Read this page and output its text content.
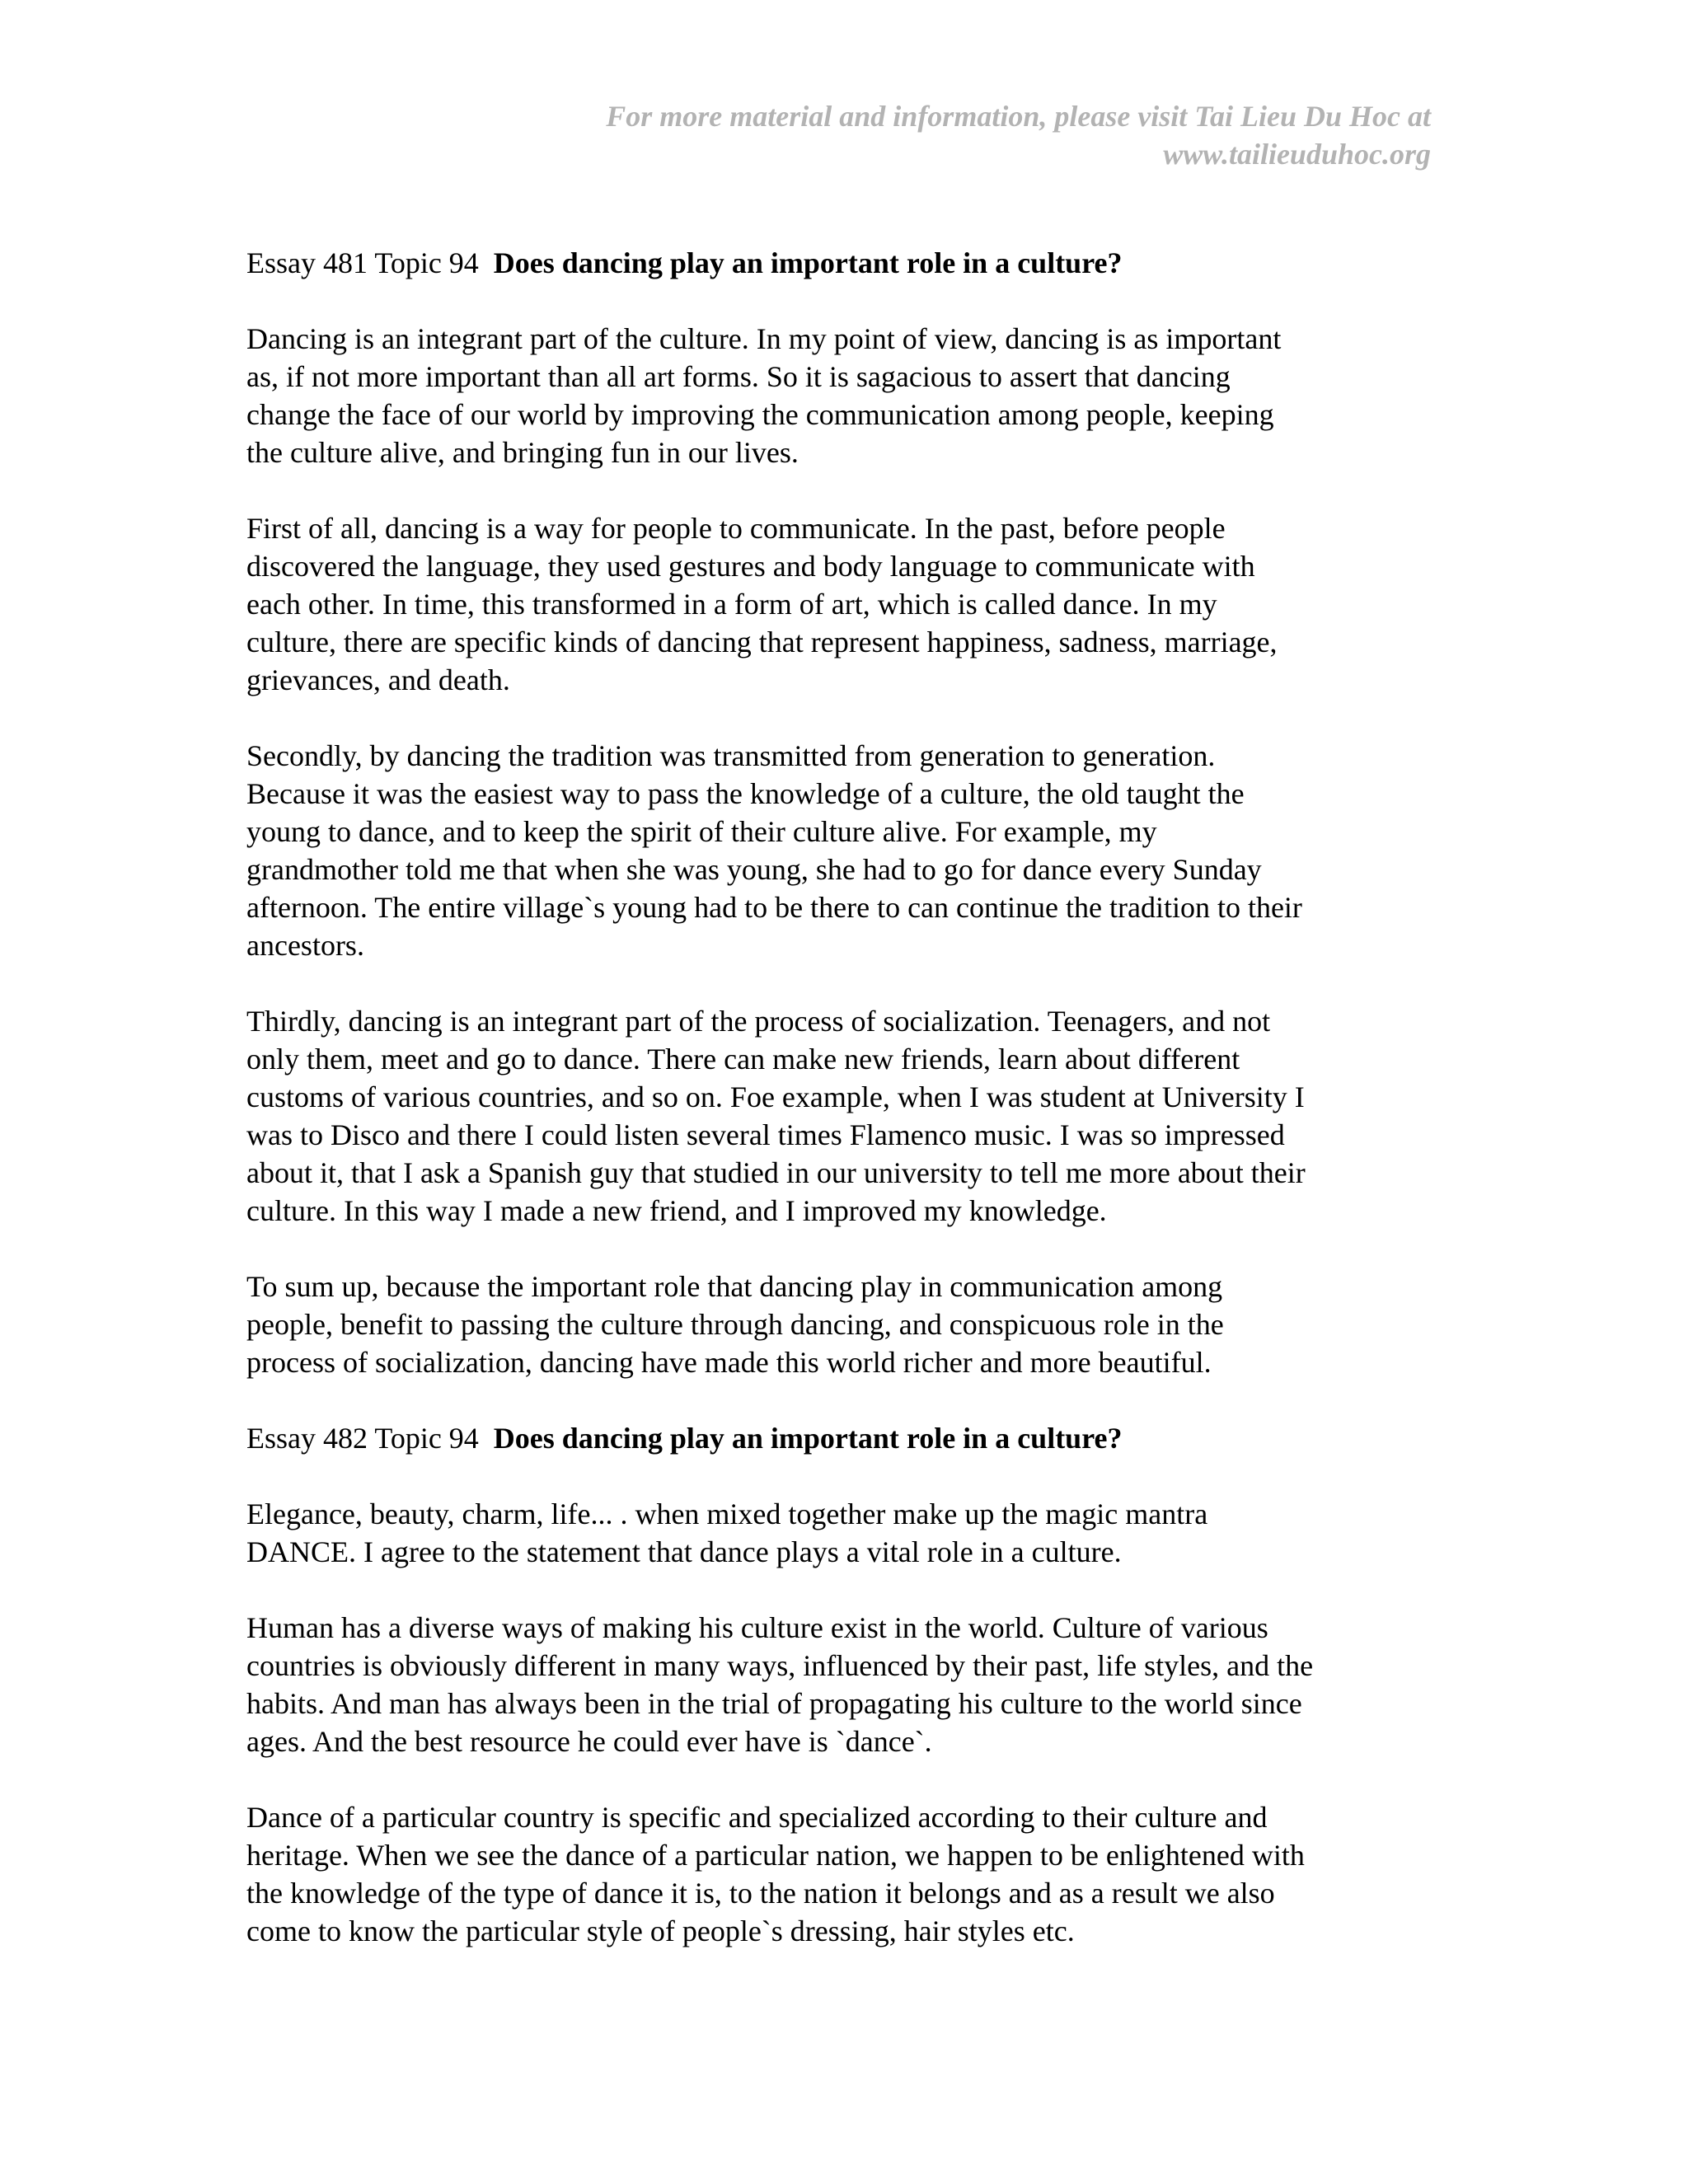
For more material and information, please visit Tai Lieu Du Hoc at
www.tailieuduhoc.org
Essay 481 Topic 94 Does dancing play an important role in a culture?
Dancing is an integrant part of the culture. In my point of view, dancing is as important
as, if not more important than all art forms. So it is sagacious to assert that dancing
change the face of our world by improving the communication among people, keeping
the culture alive, and bringing fun in our lives.
First of all, dancing is a way for people to communicate. In the past, before people
discovered the language, they used gestures and body language to communicate with
each other. In time, this transformed in a form of art, which is called dance. In my
culture, there are specific kinds of dancing that represent happiness, sadness, marriage,
grievances, and death.
Secondly, by dancing the tradition was transmitted from generation to generation.
Because it was the easiest way to pass the knowledge of a culture, the old taught the
young to dance, and to keep the spirit of their culture alive. For example, my
grandmother told me that when she was young, she had to go for dance every Sunday
afternoon. The entire village`s young had to be there to can continue the tradition to their
ancestors.
Thirdly, dancing is an integrant part of the process of socialization. Teenagers, and not
only them, meet and go to dance. There can make new friends, learn about different
customs of various countries, and so on. Foe example, when I was student at University I
was to Disco and there I could listen several times Flamenco music. I was so impressed
about it, that I ask a Spanish guy that studied in our university to tell me more about their
culture. In this way I made a new friend, and I improved my knowledge.
To sum up, because the important role that dancing play in communication among
people, benefit to passing the culture through dancing, and conspicuous role in the
process of socialization, dancing have made this world richer and more beautiful.
Essay 482 Topic 94 Does dancing play an important role in a culture?
Elegance, beauty, charm, life... . when mixed together make up the magic mantra
DANCE. I agree to the statement that dance plays a vital role in a culture.
Human has a diverse ways of making his culture exist in the world. Culture of various
countries is obviously different in many ways, influenced by their past, life styles, and the
habits. And man has always been in the trial of propagating his culture to the world since
ages. And the best resource he could ever have is `dance`.
Dance of a particular country is specific and specialized according to their culture and
heritage. When we see the dance of a particular nation, we happen to be enlightened with
the knowledge of the type of dance it is, to the nation it belongs and as a result we also
come to know the particular style of people`s dressing, hair styles etc.
